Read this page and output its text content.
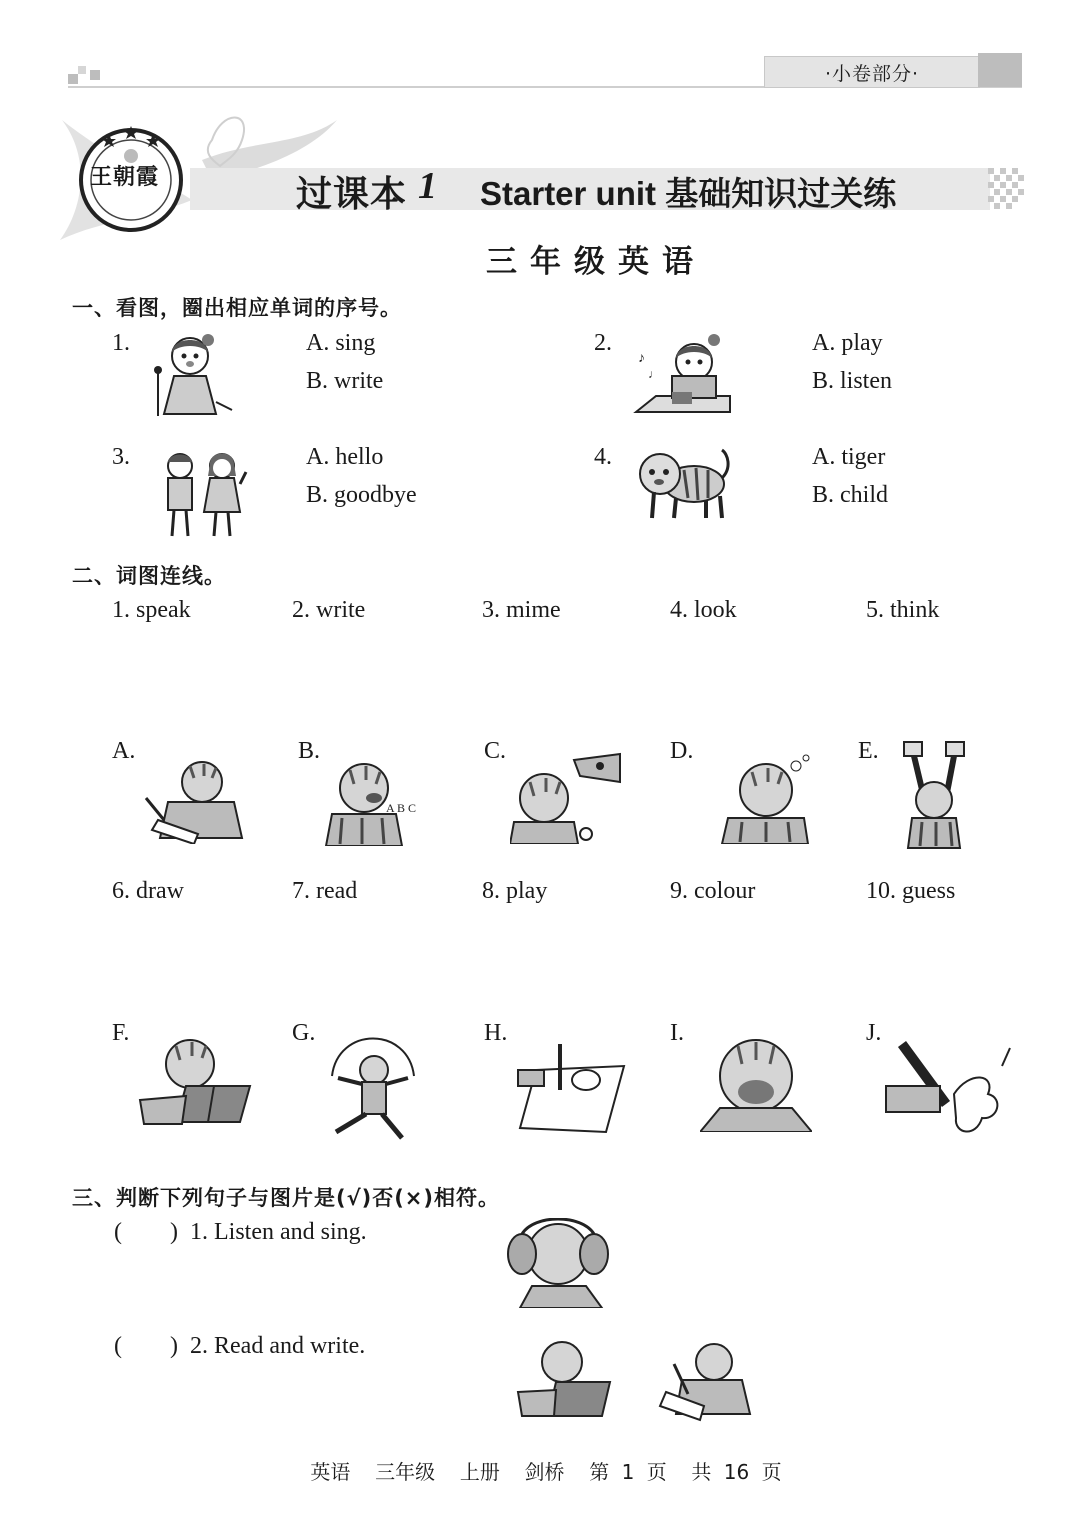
·小卷部分·
王朝霞	过课本 1 Starter unit 基础知识过关练
三年级英语
一、看图，圈出相应单词的序号。
1.	A. sing
B. write
2.
♪
♩
A. play
B. listen
3.	A. hello
B. goodbye
4.	A. tiger
B. child
二、词图连线。
1. speak	2. write	3. mime	4. look	5. think
A.	B.	C.	D.	E.
A B C
6. draw	7. read	8. play	9. colour	10. guess
F.	G.	H.	I.	J.
三、判断下列句子与图片是(√)否(×)相符。
(        ) 1. Listen and sing.
(        ) 2. Read and write.
英语  三年级  上册  剑桥  第 1 页  共 16 页
